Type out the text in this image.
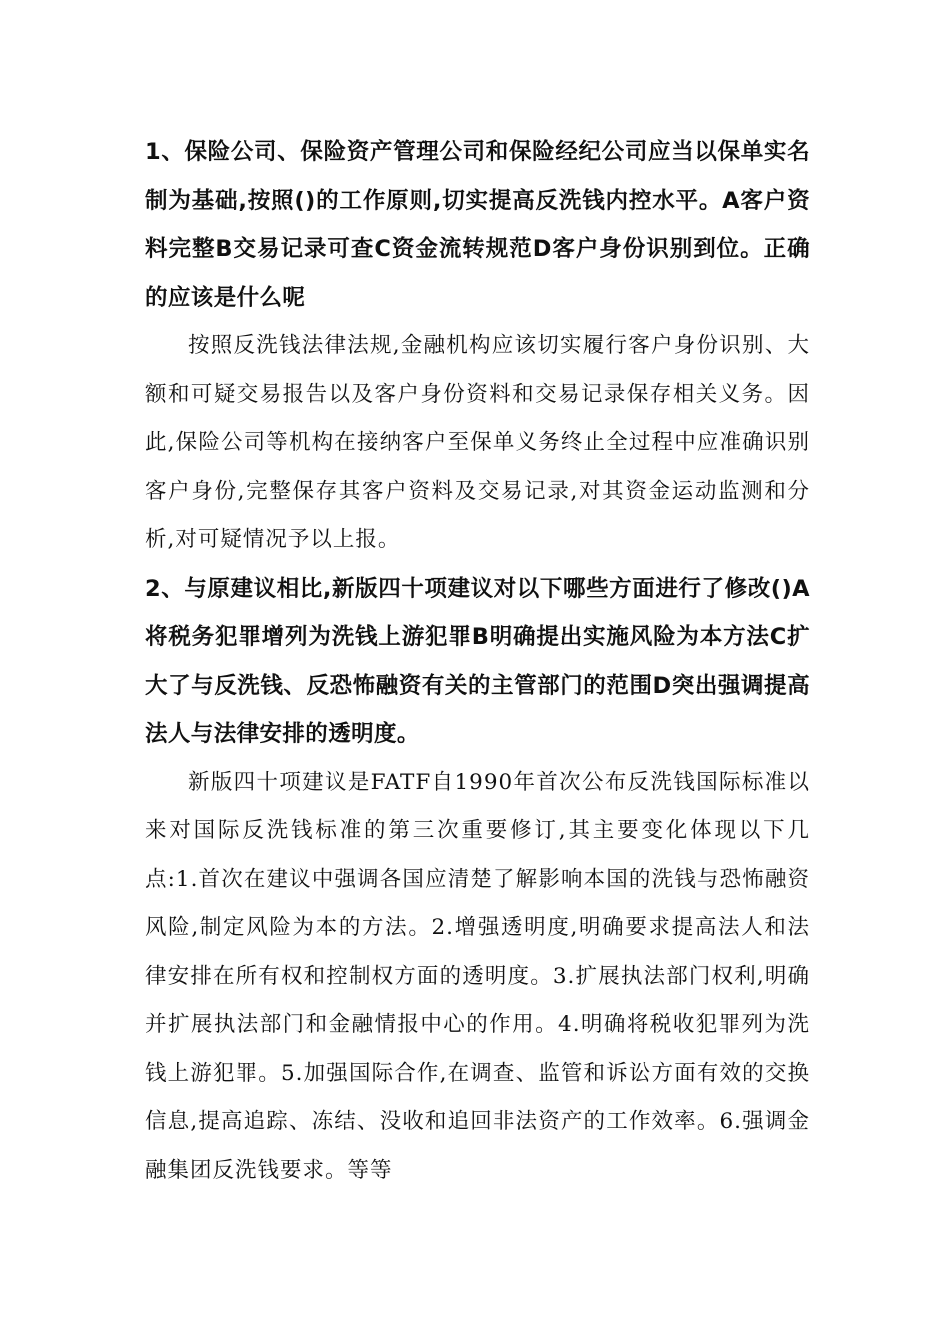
1、保险公司、保险资产管理公司和保险经纪公司应当以保单实名制为基础,按照()的工作原则,切实提高反洗钱内控水平。A客户资料完整B交易记录可查C资金流转规范D客户身份识别到位。正确的应该是什么呢

按照反洗钱法律法规,金融机构应该切实履行客户身份识别、大额和可疑交易报告以及客户身份资料和交易记录保存相关义务。因此,保险公司等机构在接纳客户至保单义务终止全过程中应准确识别客户身份,完整保存其客户资料及交易记录,对其资金运动监测和分析,对可疑情况予以上报。

2、与原建议相比,新版四十项建议对以下哪些方面进行了修改()A将税务犯罪增列为洗钱上游犯罪B明确提出实施风险为本方法C扩大了与反洗钱、反恐怖融资有关的主管部门的范围D突出强调提高法人与法律安排的透明度。

新版四十项建议是FATF自1990年首次公布反洗钱国际标准以来对国际反洗钱标准的第三次重要修订,其主要变化体现以下几点:1.首次在建议中强调各国应清楚了解影响本国的洗钱与恐怖融资风险,制定风险为本的方法。2.增强透明度,明确要求提高法人和法律安排在所有权和控制权方面的透明度。3.扩展执法部门权利,明确并扩展执法部门和金融情报中心的作用。4.明确将税收犯罪列为洗钱上游犯罪。5.加强国际合作,在调查、监管和诉讼方面有效的交换信息,提高追踪、冻结、没收和追回非法资产的工作效率。6.强调金融集团反洗钱要求。等等
